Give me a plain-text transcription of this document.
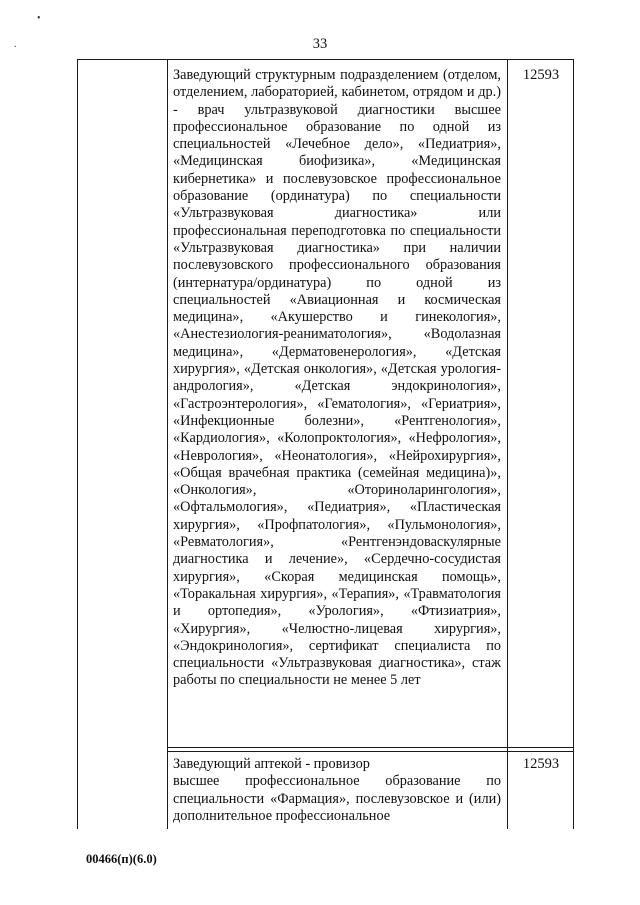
•
.	33
Заведующий структурным подразделением (отделом, отделением, лабораторией, кабинетом, отрядом и др.) - врач ультразвуковой диагностики высшее профессиональное образование по одной из специальностей «Лечебное дело», «Педиатрия», «Медицинская биофизика», «Медицинская кибернетика» и послевузовское профессиональное образование (ординатура) по специальности «Ультразвуковая диагностика» или профессиональная переподготовка по специальности «Ультразвуковая диагностика» при наличии послевузовского профессионального образования (интернатура/ординатура) по одной из специальностей «Авиационная и космическая медицина», «Акушерство и гинекология», «Анестезиология-реаниматология», «Водолазная медицина», «Дерматовенерология», «Детская хирургия», «Детская онкология», «Детская урология-андрология», «Детская эндокринология», «Гастроэнтерология», «Гематология», «Гериатрия», «Инфекционные болезни», «Рентгенология», «Кардиология», «Колопроктология», «Нефрология», «Неврология», «Неонатология», «Нейрохирургия», «Общая врачебная практика (семейная медицина)», «Онкология», «Оториноларингология», «Офтальмология», «Педиатрия», «Пластическая хирургия», «Профпатология», «Пульмонология», «Ревматология», «Рентгенэндоваскулярные диагностика и лечение», «Сердечно-сосудистая хирургия», «Скорая медицинская помощь», «Торакальная хирургия», «Терапия», «Травматология и ортопедия», «Урология», «Фтизиатрия», «Хирургия», «Челюстно-лицевая хирургия», «Эндокринология», сертификат специалиста по специальности «Ультразвуковая диагностика», стаж работы по специальности не менее 5 лет
12593
Заведующий аптекой - провизор
высшее профессиональное образование по специальности «Фармация», послевузовское и (или) дополнительное профессиональное
12593
00466(п)(6.0)
